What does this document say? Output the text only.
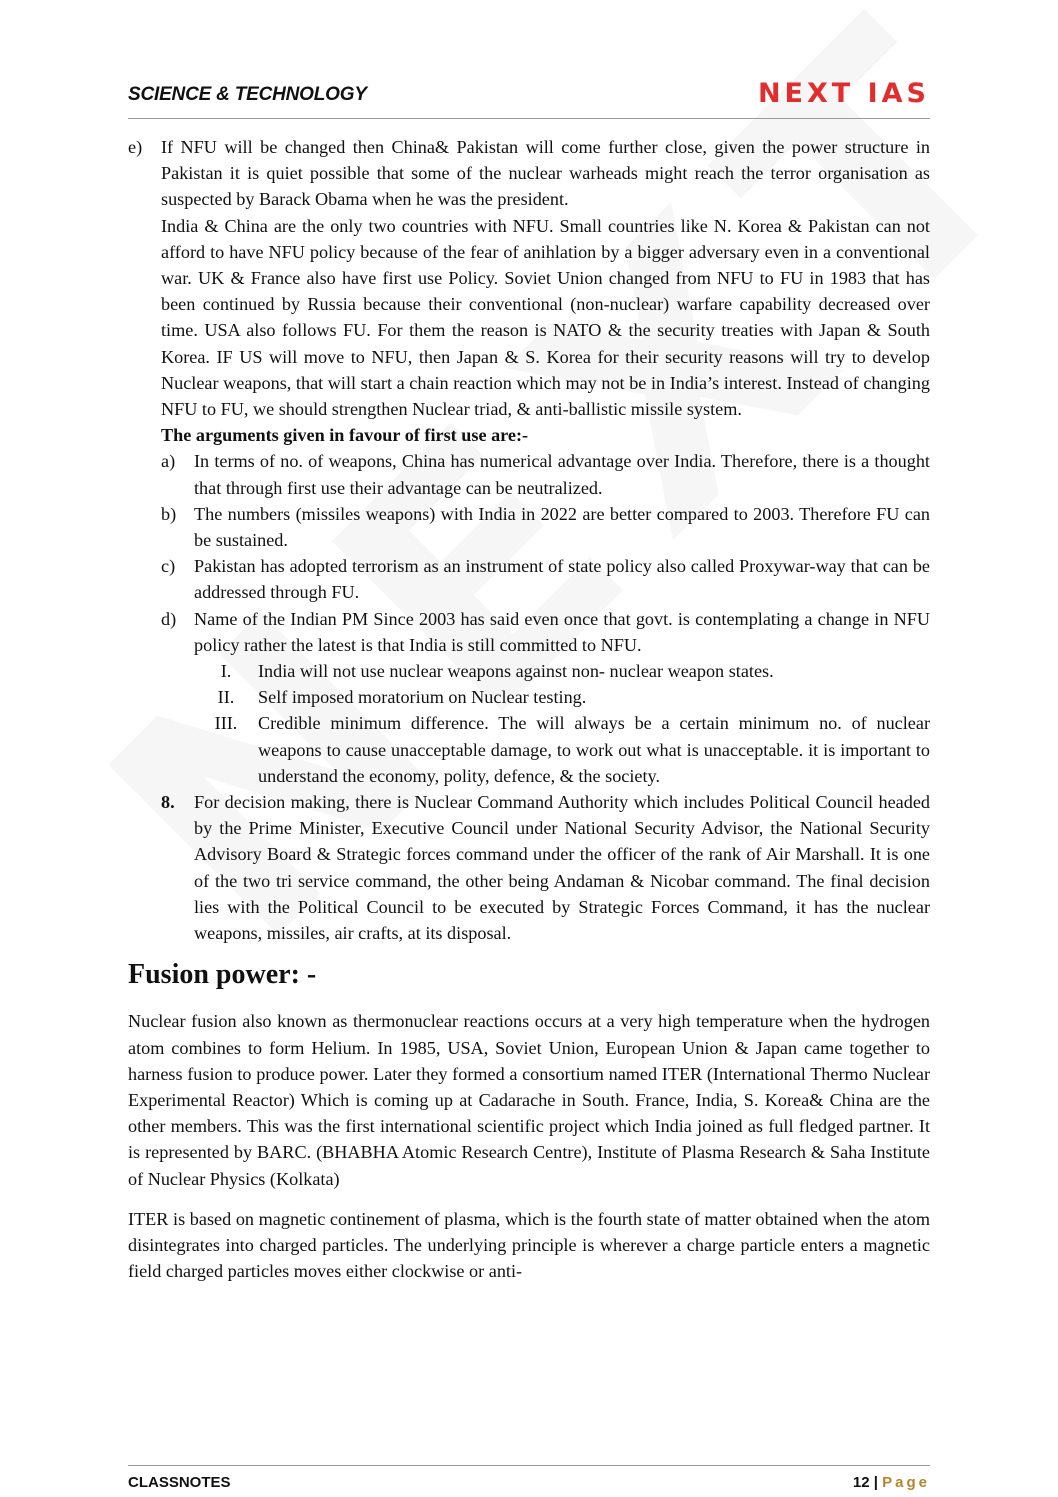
SCIENCE & TECHNOLOGY	NEXT IAS
e)	If NFU will be changed then China& Pakistan will come further close, given the power structure in Pakistan it is quiet possible that some of the nuclear warheads might reach the terror organisation as suspected by Barack Obama when he was the president.
India & China are the only two countries with NFU. Small countries like N. Korea & Pakistan can not afford to have NFU policy because of the fear of anihlation by a bigger adversary even in a conventional war. UK & France also have first use Policy. Soviet Union changed from NFU to FU in 1983 that has been continued by Russia because their conventional (non-nuclear) warfare capability decreased over time. USA also follows FU. For them the reason is NATO & the security treaties with Japan & South Korea. IF US will move to NFU, then Japan & S. Korea for their security reasons will try to develop Nuclear weapons, that will start a chain reaction which may not be in India’s interest. Instead of changing NFU to FU, we should strengthen Nuclear triad, & anti-ballistic missile system.
The arguments given in favour of first use are:-
a)	In terms of no. of weapons, China has numerical advantage over India. Therefore, there is a thought that through first use their advantage can be neutralized.
b) The numbers (missiles weapons) with India in 2022 are better compared to 2003. Therefore FU can be sustained.
c)	Pakistan has adopted terrorism as an instrument of state policy also called Proxywar-way that can be addressed through FU.
d) Name of the Indian PM Since 2003 has said even once that govt. is contemplating a change in NFU policy rather the latest is that India is still committed to NFU.
I.	India will not use nuclear weapons against non- nuclear weapon states.
II.	Self imposed moratorium on Nuclear testing.
III.	Credible minimum difference. The will always be a certain minimum no. of nuclear weapons to cause unacceptable damage, to work out what is unacceptable. it is important to understand the economy, polity, defence, & the society.
8.	For decision making, there is Nuclear Command Authority which includes Political Council headed by the Prime Minister, Executive Council under National Security Advisor, the National Security Advisory Board & Strategic forces command under the officer of the rank of Air Marshall. It is one of the two tri service command, the other being Andaman & Nicobar command. The final decision lies with the Political Council to be executed by Strategic Forces Command, it has the nuclear weapons, missiles, air crafts, at its disposal.
Fusion power: -

Nuclear fusion also known as thermonuclear reactions occurs at a very high temperature when the hydrogen atom combines to form Helium. In 1985, USA, Soviet Union, European Union & Japan came together to harness fusion to produce power. Later they formed a consortium named ITER (International Thermo Nuclear Experimental Reactor) Which is coming up at Cadarache in South. France, India, S. Korea& China are the other members. This was the first international scientific project which India joined as full fledged partner. It is represented by BARC. (BHABHA Atomic Research Centre), Institute of Plasma Research & Saha Institute of Nuclear Physics (Kolkata)

ITER is based on magnetic continement of plasma, which is the fourth state of matter obtained when the atom disintegrates into charged particles. The underlying principle is wherever a charge particle enters a magnetic field charged particles moves either clockwise or anti-

CLASSNOTES	12 | Page
